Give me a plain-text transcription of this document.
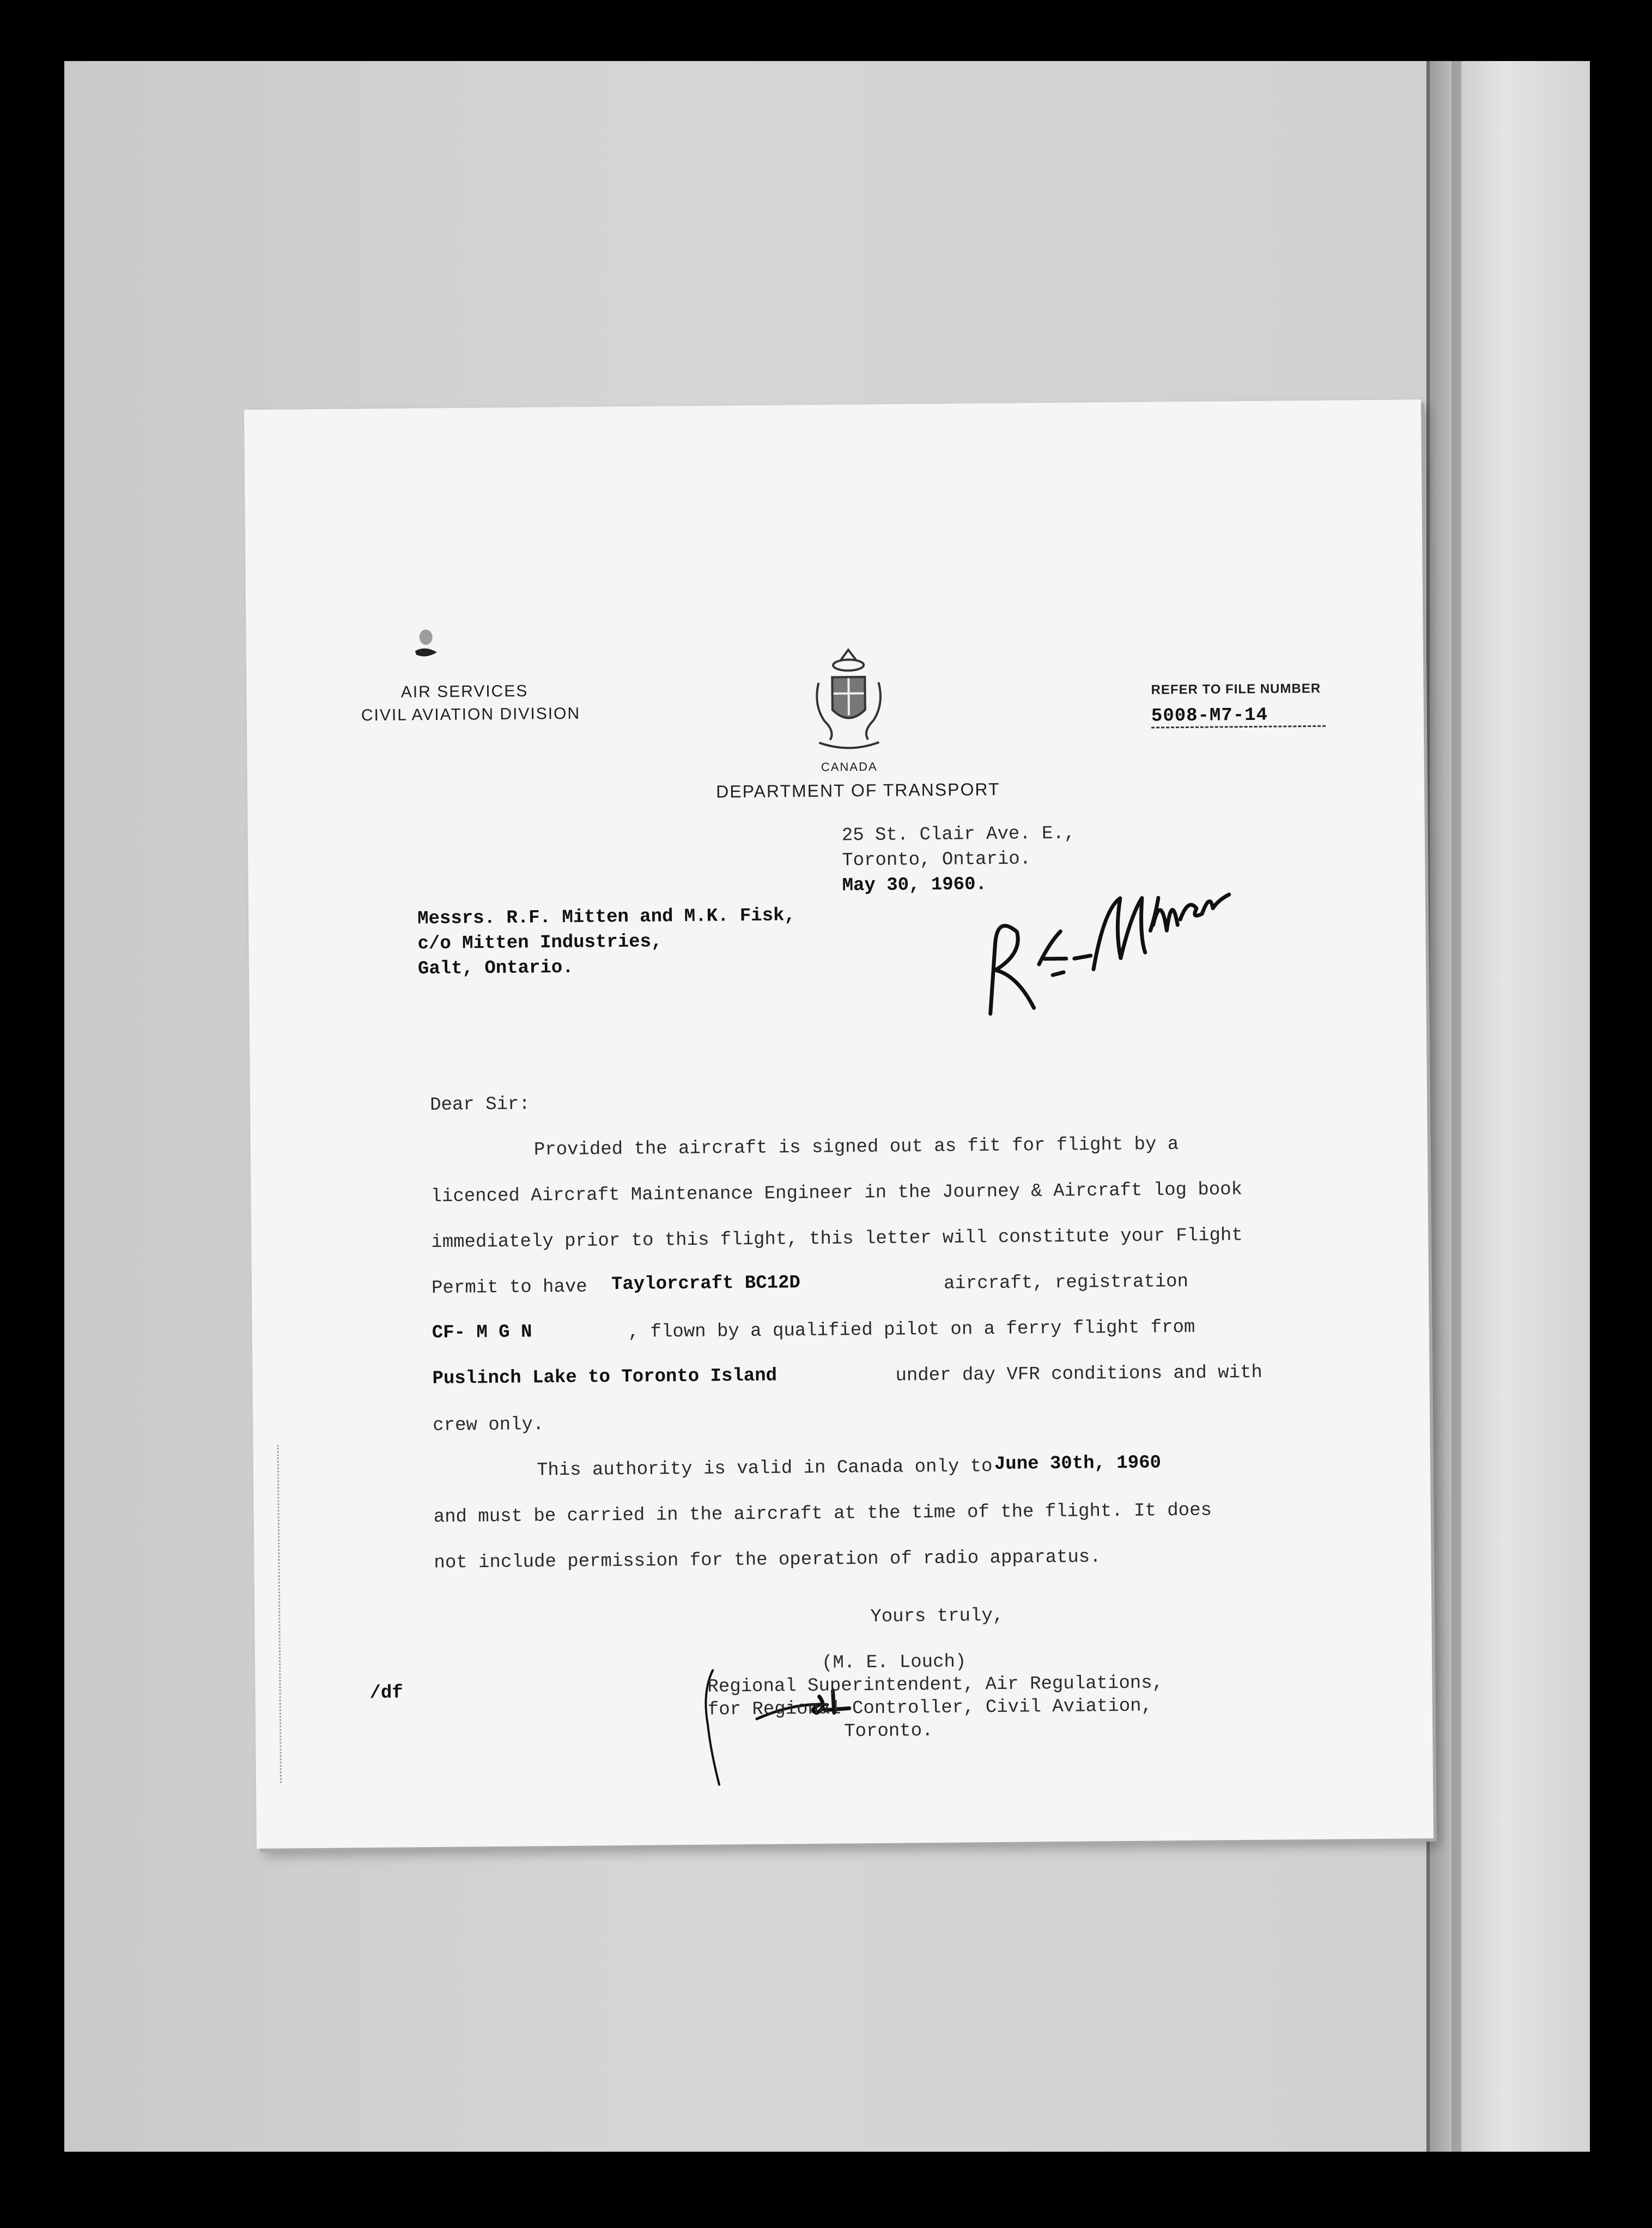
AIR SERVICES
CIVIL AVIATION DIVISION
CANADA
DEPARTMENT OF TRANSPORT
REFER TO FILE NUMBER
5008-M7-14
25 St. Clair Ave. E.,
Toronto, Ontario.
May 30, 1960.
Messrs. R.F. Mitten and M.K. Fisk,
c/o Mitten Industries,
Galt, Ontario.
Dear Sir:
Provided the aircraft is signed out as fit for flight by a
licenced Aircraft Maintenance Engineer in the Journey & Aircraft log book
immediately prior to this flight, this letter will constitute your Flight
Permit to have Taylorcraft BC12D	aircraft, registration
CF- M G N	, flown by a qualified pilot on a ferry flight from
Puslinch Lake to Toronto Island	under day VFR conditions and with
crew only.
This authority is valid in Canada only to June 30th, 1960
and must be carried in the aircraft at the time of the flight. It does
not include permission for the operation of radio apparatus.
Yours truly,
(M. E. Louch)
Regional Superintendent, Air Regulations,
for Regional Controller, Civil Aviation,
Toronto.
/df
